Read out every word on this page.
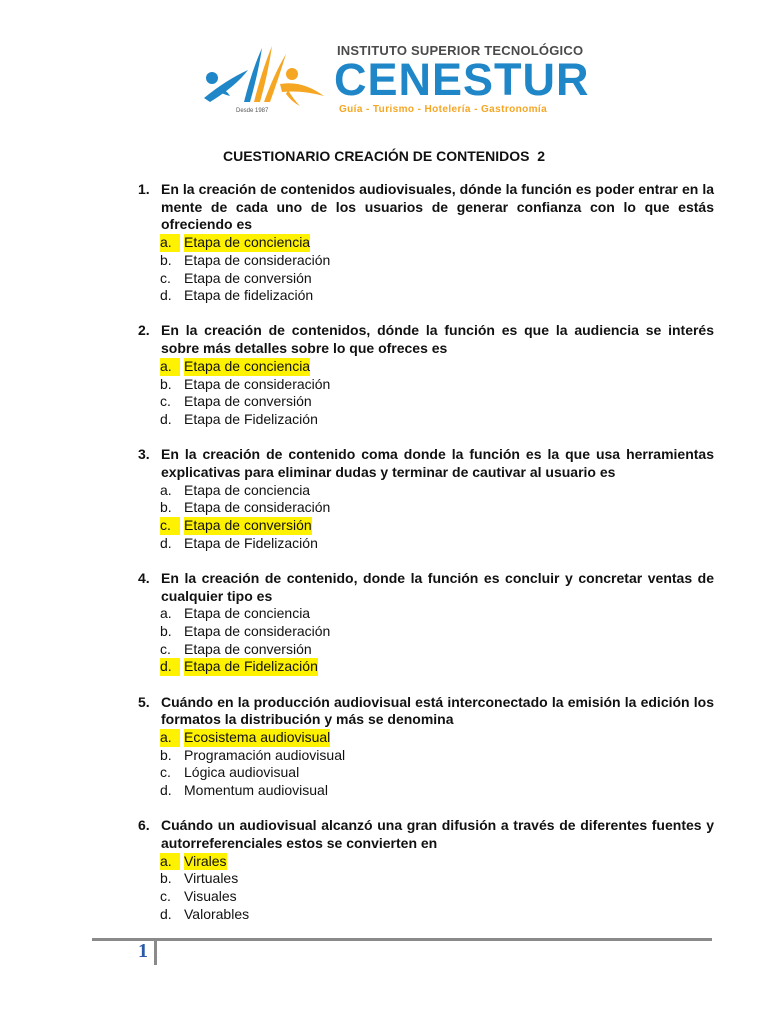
Desde 1987
INSTITUTO SUPERIOR TECNOLÓGICO
CENESTUR
Guía - Turismo - Hotelería - Gastronomía
CUESTIONARIO CREACIÓN DE CONTENIDOS  2
1. En la creación de contenidos audiovisuales, dónde la función es poder entrar en la mente de cada uno de los usuarios de generar confianza con lo que estás ofreciendo es
a. Etapa de conciencia
b. Etapa de consideración
c. Etapa de conversión
d. Etapa de fidelización
2. En la creación de contenidos, dónde la función es que la audiencia se interés sobre más detalles sobre lo que ofreces es
a. Etapa de conciencia
b. Etapa de consideración
c. Etapa de conversión
d. Etapa de Fidelización
3. En la creación de contenido coma donde la función es la que usa herramientas explicativas para eliminar dudas y terminar de cautivar al usuario es
a. Etapa de conciencia
b. Etapa de consideración
c. Etapa de conversión
d. Etapa de Fidelización
4. En la creación de contenido, donde la función es concluir y concretar ventas de cualquier tipo es
a. Etapa de conciencia
b. Etapa de consideración
c. Etapa de conversión
d. Etapa de Fidelización
5. Cuándo en la producción audiovisual está interconectado la emisión la edición los formatos la distribución y más se denomina
a. Ecosistema audiovisual
b. Programación audiovisual
c. Lógica audiovisual
d. Momentum audiovisual
6. Cuándo un audiovisual alcanzó una gran difusión a través de diferentes fuentes y autorreferenciales estos se convierten en
a. Virales
b. Virtuales
c. Visuales
d. Valorables
1
